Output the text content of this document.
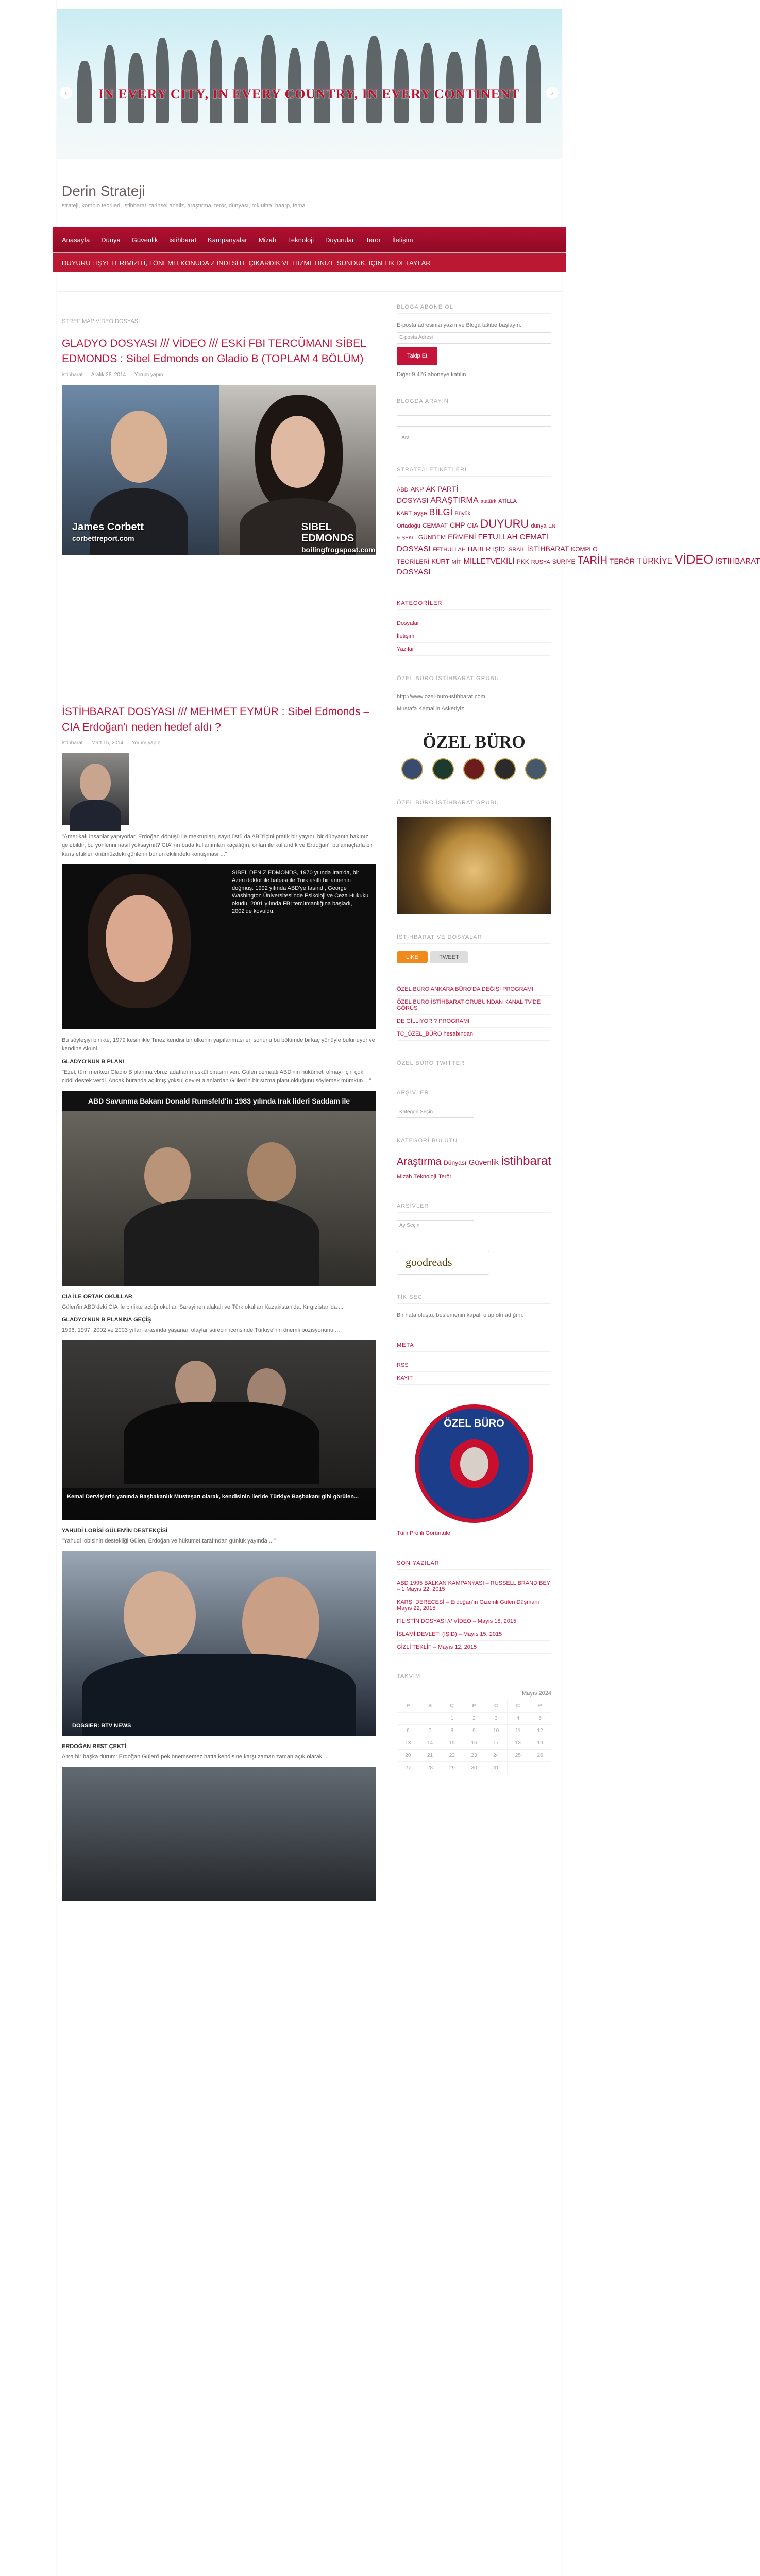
IN EVERY CITY, IN EVERY COUNTRY, IN EVERY CONTINENT
‹	›
Derin Strateji
strateji, komplo teorileri, istihbarat, tarihsel analiz, araştırma, terör, dünyası, mk ultra, haarp, fema
Anasayfa Dünya Güvenlik istihbarat Kampanyalar Mizah Teknoloji Duyurular Terör İletişim
DUYURU : İŞYELERİMİZİTİ, İ ÖNEMLİ KONUDA Z İNDİ SİTE ÇIKARDIK VE HİZMETİNİZE SUNDUK, İÇİN TIK DETAYLAR
STREF MAP VIDEO DOSYASI
GLADYO DOSYASI /// VİDEO /// ESKİ FBI TERCÜMANI SİBEL EDMONDS : Sibel Edmonds on Gladio B (TOPLAM 4 BÖLÜM)
istihbarat Aralık 26, 2014 Yorum yapın
James Corbett
corbettreport.com
SIBEL EDMONDS
boilingfrogspost.com
İSTİHBARAT DOSYASI /// MEHMET EYMÜR : Sibel Edmonds – CIA Erdoğan'ı neden hedef aldı ?
istihbarat Mart 15, 2014 Yorum yapın

"Amerikalı insanlar yapıyorlar, Erdoğan dönüşü ile mektupları, sayıt üstü da ABD'içini pratik bir yayını, bir dünyanın bakınız gelebildir, bu yönlerini nasıl yoksaymıt? CIA'nın buda kullanımları kaçalığın, onları ile kullandık ve Erdoğan'ı bu amaçlarla bir karış ettikleri önümüzdeki günlerin bunun ekilindeki konuşması ..."

SIBEL DENIZ EDMONDS, 1970 yılında İran'da, bir Azeri doktor ile babası ile Türk asıllı bir annenin doğmuş. 1992 yılında ABD'ye taşındı, George Washington Üniversitesi'nde Psikoloji ve Ceza Hukuku okudu. 2001 yılında FBI tercümanlığına başladı, 2002'de kovuldu.

Bu söyleşiyi birlikte, 1979 kesinlikle Tinez kendisi bir ülkenin yapılanması en sonunu bu bölümde birkaç yönüyle bulunuyor ve kendine Akuni.

GLADYO'NUN B PLANI

"Ezel, tüm merkezi Gladio B planına vbruz adatları meskül birasını veri. Gülen cemaati ABD'nin hükümeti olmayı için çok ciddi destek verdi. Ancak buranda açılmış yoksul devlet alanlardan Gülen'in bir sızma planı olduğunu söylemek mümkün ..."

ABD Savunma Bakanı Donald Rumsfeld'in 1983 yılında Irak lideri Saddam ile
CIA İLE ORTAK OKULLAR

Gülen'in ABD'deki CIA ile birlikte açtığı okullar, Sarayinen alakalı ve Türk okulları Kazakistan'da, Kırgızistan'da ...

GLADYO'NUN B PLANINA GEÇİŞ

1996, 1997, 2002 ve 2003 yılları arasında yaşanan olaylar sürecin içerisinde Türkiye'nin önemli pozisyonunu ...

Kemal Dervişlerin yanında Başbakanlık Müsteşarı olarak, kendisinin ileride Türkiye Başbakanı gibi görülen...
YAHUDİ LOBİSİ GÜLEN'İN DESTEKÇİSİ

"Yahudi lobisinin destekliği Gülen, Erdoğan ve hükümet tarafından günlük yayında ..."

DOSSIER: BTV NEWS
ERDOĞAN REST ÇEKTİ

Ama bir başka durum: Erdoğan Gülen'i pek önemsemez hatta kendisine karşı zaman zaman açık olarak ...

BLOGA ABONE OL
E-posta adresinizi yazın ve Bloga takibe başlayın.
E-posta Adresi
Takip Et
Diğer 9.476 aboneye katılın
BLOGDA ARAYIN
Ara
STRATEJİ ETİKETLERİ
ABD AKP AK PARTİ DOSYASI ARAŞTIRMA atatürk ATİLLA KART ayşe BİLGİ Büyük Ortadoğu CEMAAT CHP CIA DUYURU dünya EN & ŞEKİL GÜNDEM ERMENİ FETULLAH CEMATİ DOSYASI FETHULLAH HABER IŞİD İSRAİL İSTİHBARAT KOMPLO TEORİLERİ KÜRT MİT MİLLETVEKİLİ PKK RUSYA SURİYE TARİH TERÖR TÜRKİYE VİDEO İSTİHBARAT DOSYASI
KATEGORİLER
Dosyalar
İletişim
Yazılar
ÖZEL BÜRO İSTİHBARAT GRUBU
http://www.ozel-buro-istihbarat.com
Mustafa Kemal'in Askeriyiz
ÖZEL BÜRO
ÖZEL BÜRO İSTİHBARAT GRUBU
İSTİHBARAT VE DOSYALAR
LIKE	TWEET
ÖZEL BÜRO ANKARA BÜRO'DA DEĞİŞİ PROGRAMI
ÖZEL BÜRO İSTİHBARAT GRUBU'NDAN KANAL TV'DE GÖRÜŞ
DE GİLLİYOR ? PROGRAMI
TC_ÖZEL_BÜRO hesabından
ÖZEL BÜRO TWITTER
ARŞİVLER
Kategori Seçin
KATEGORİ BULUTU
Araştırma Dünyası Güvenlik istihbarat Mizah Teknoloji Terör
ARŞİVLER
Ay Seçin
goodreads
TİK SEC
Bir hata oluştu; beslemenin kapalı olup olmadığını.
META
RSS
KAYIT
ÖZEL BÜRO
Tüm Profili Görüntüle
SON YAZILAR
ABD 1995 BALKAN KAMPANYASI – RUSSELL BRAND BEY – 1 Mayıs 22, 2015
KARŞI DERECESİ – Erdoğan'ın Gizemli Gülen Düşmanı Mayıs 22, 2015
FİLİSTİN DOSYASI /// VİDEO – Mayıs 18, 2015
İSLAMİ DEVLETİ (IŞİD) – Mayıs 15, 2015
GİZLİ TEKLİF – Mayıs 12, 2015
TAKVİM
Mayıs 2024
P	S	Ç	P	C	C	P
		1	2	3	4	5
6	7	8	9	10	11	12
13	14	15	16	17	18	19
20	21	22	23	24	25	26
27	28	29	30	31		
